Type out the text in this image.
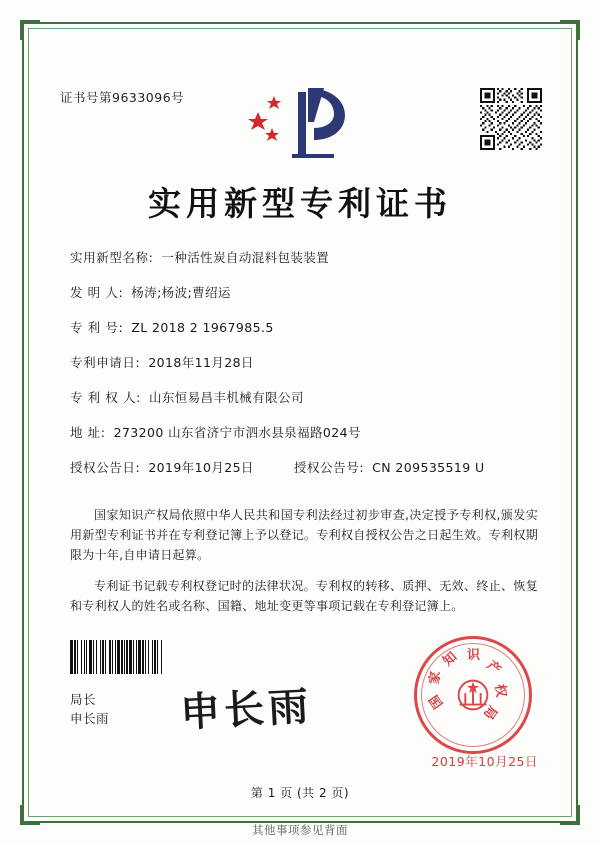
证书号第9633096号
实用新型专利证书
实用新型名称: 一种活性炭自动混料包装装置
发 明 人: 杨涛;杨波;曹绍运
专 利 号: ZL 2018 2 1967985.5
专利申请日: 2018年11月28日
专 利 权 人: 山东恒易昌丰机械有限公司
地 址: 273200 山东省济宁市泗水县泉福路024号
授权公告日: 2019年10月25日	授权公告号: CN 209535519 U

国家知识产权局依照中华人民共和国专利法经过初步审查,决定授予专利权,颁发实用新型专利证书并在专利登记簿上予以登记。专利权自授权公告之日起生效。专利权期限为十年,自申请日起算。

专利证书记载专利权登记时的法律状况。专利权的转移、质押、无效、终止、恢复和专利权人的姓名或名称、国籍、地址变更等事项记载在专利登记簿上。

局长
申长雨 申长雨	国
家
知 识
产
权
局
2019年10月25日
第 1 页 (共 2 页)
其他事项参见背面
